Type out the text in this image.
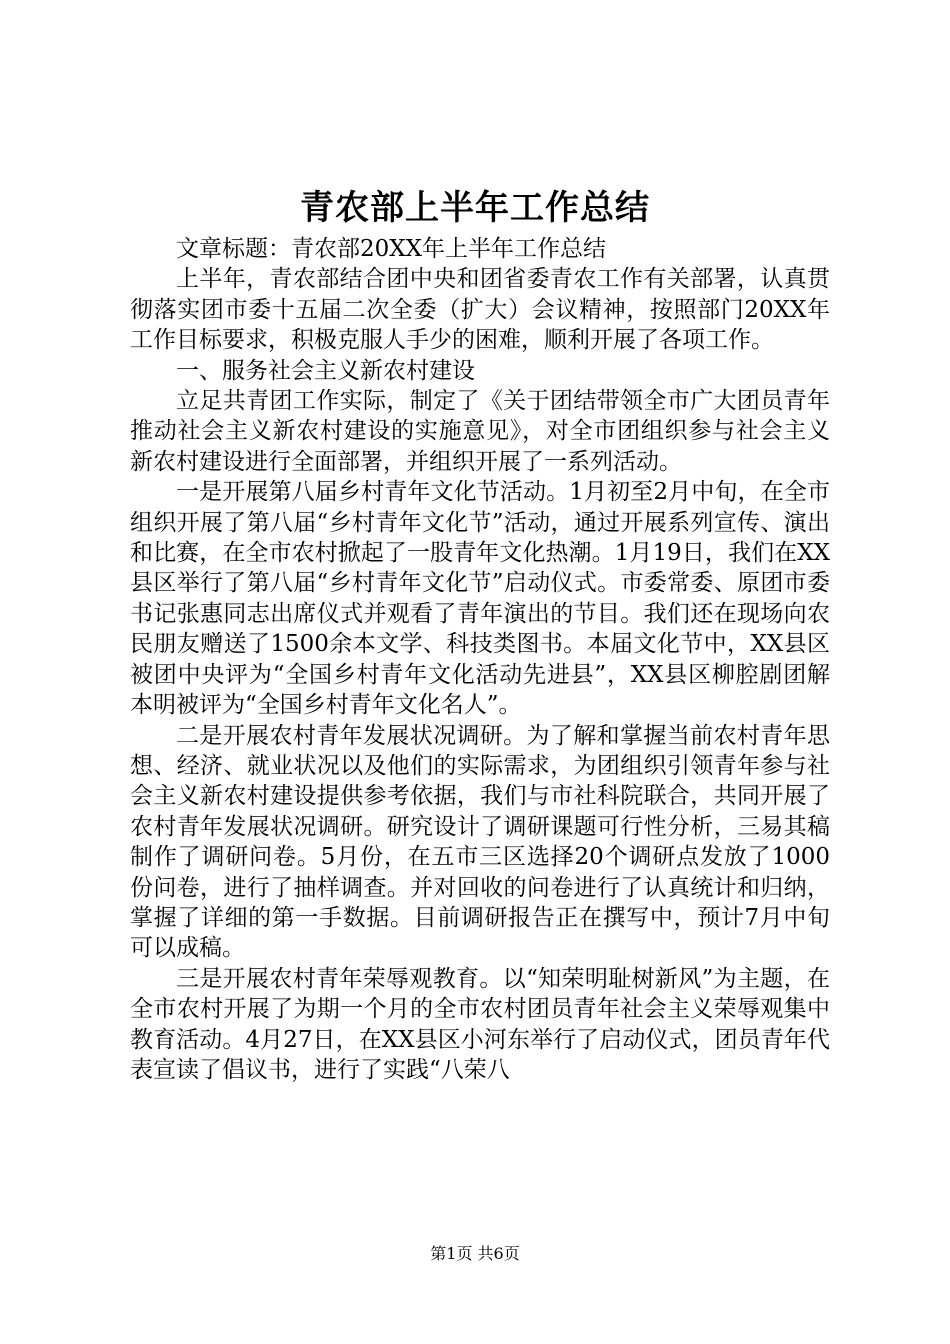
青农部上半年工作总结

文章标题：青农部20XX年上半年工作总结

上半年，青农部结合团中央和团省委青农工作有关部署，认真贯彻落实团市委十五届二次全委（扩大）会议精神，按照部门20XX年工作目标要求，积极克服人手少的困难，顺利开展了各项工作。

一、服务社会主义新农村建设

立足共青团工作实际，制定了《关于团结带领全市广大团员青年推动社会主义新农村建设的实施意见》，对全市团组织参与社会主义新农村建设进行全面部署，并组织开展了一系列活动。

一是开展第八届乡村青年文化节活动。1月初至2月中旬，在全市组织开展了第八届“乡村青年文化节”活动，通过开展系列宣传、演出和比赛，在全市农村掀起了一股青年文化热潮。1月19日，我们在XX县区举行了第八届“乡村青年文化节”启动仪式。市委常委、原团市委书记张惠同志出席仪式并观看了青年演出的节目。我们还在现场向农民朋友赠送了1500余本文学、科技类图书。本届文化节中，XX县区被团中央评为“全国乡村青年文化活动先进县”，XX县区柳腔剧团解本明被评为“全国乡村青年文化名人”。

二是开展农村青年发展状况调研。为了解和掌握当前农村青年思想、经济、就业状况以及他们的实际需求，为团组织引领青年参与社会主义新农村建设提供参考依据，我们与市社科院联合，共同开展了农村青年发展状况调研。研究设计了调研课题可行性分析，三易其稿制作了调研问卷。5月份，在五市三区选择20个调研点发放了1000份问卷，进行了抽样调查。并对回收的问卷进行了认真统计和归纳，掌握了详细的第一手数据。目前调研报告正在撰写中，预计7月中旬可以成稿。

三是开展农村青年荣辱观教育。以“知荣明耻树新风”为主题，在全市农村开展了为期一个月的全市农村团员青年社会主义荣辱观集中教育活动。4月27日，在XX县区小河东举行了启动仪式，团员青年代表宣读了倡议书，进行了实践“八荣八

第1页 共6页
